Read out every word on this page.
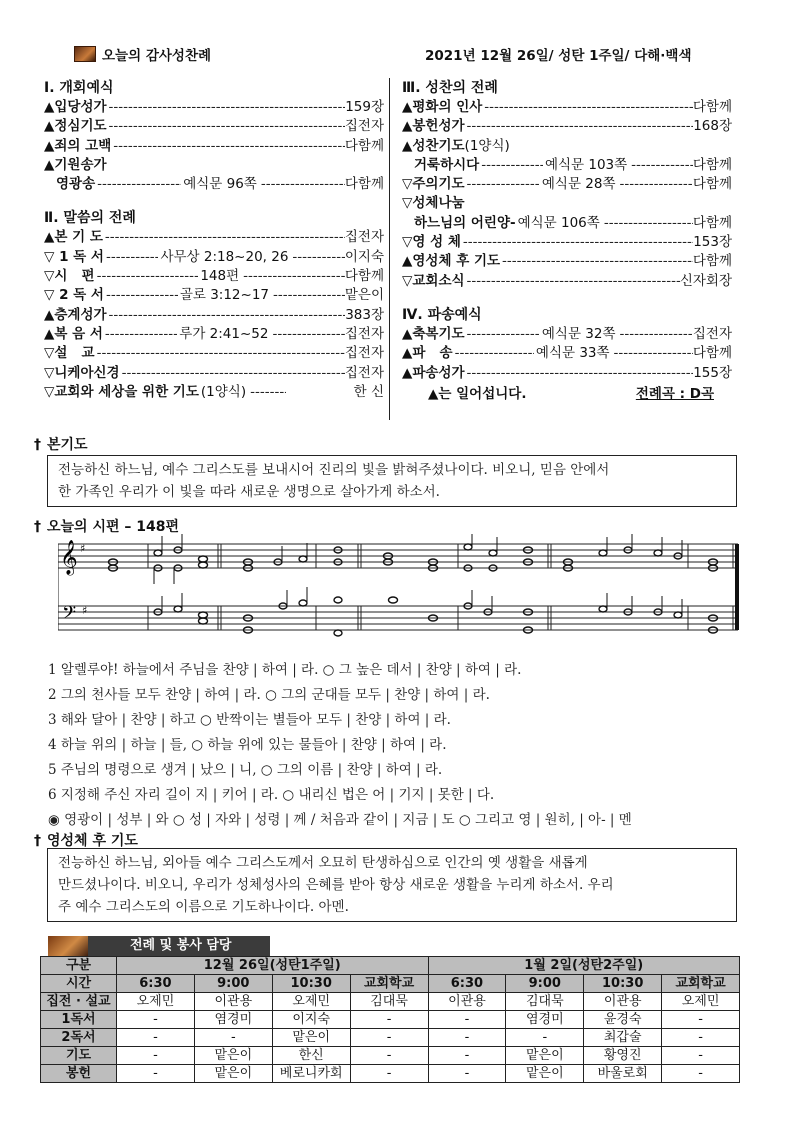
오늘의 감사성찬례	2021년 12월 26일/ 성탄 1주일/ 다해·백색
Ⅰ. 개회예식
▲입당성가 -----	159장
▲정심기도 -----	집전자
▲죄의 고백 -----	다함께
▲기원송가
영광송 -----	예식문 96쪽 -----	다함께
Ⅱ. 말씀의 전례
▲본 기 도 -----	집전자
▽ 1 독 서 -----	사무상 2:18~20, 26 -----	이지숙
▽시   편 -----	148편 -----	다함께
▽ 2 독 서 -----	골로 3:12~17 -----	맡은이
▲층계성가 -----	383장
▲복 음 서 -----	루가 2:41~52 -----	집전자
▽설   교 -----	집전자
▽니케아신경 -----	집전자
▽교회와 세상을 위한 기도 (1양식) -----	한 신
Ⅲ. 성찬의 전례
▲평화의 인사 -----	다함께
▲봉헌성가 -----	168장
▲성찬기도 (1양식)
거룩하시다 -----	예식문 103쪽 -----	다함께
▽주의기도 -----	예식문 28쪽 -----	다함께
▽성체나눔
하느님의 어린양- 예식문 106쪽 -----	다함께
▽영 성 체 -----	153장
▲영성체 후 기도 -----	다함께
▽교회소식 -----	신자회장
Ⅳ. 파송예식
▲축복기도 -----	예식문 32쪽 -----	집전자
▲파   송 -----	예식문 33쪽 -----	다함께
▲파송성가 -----	155장
▲는 일어섭니다.	전례곡 : D곡
† 본기도
전능하신 하느님, 예수 그리스도를 보내시어 진리의 빛을 밝혀주셨나이다. 비오니, 믿음 안에서
한 가족인 우리가 이 빛을 따라 새로운 생명으로 살아가게 하소서.
† 오늘의 시편 – 148편
𝄞 ♯
𝄢 ♯
1 알렐루야! 하늘에서 주님을 찬양 | 하여 | 라. ○ 그 높은 데서 | 찬양 | 하여 | 라.
2 그의 천사들 모두 찬양 | 하여 | 라. ○ 그의 군대들 모두 | 찬양 | 하여 | 라.
3 해와 달아 | 찬양 | 하고 ○ 반짝이는 별들아 모두 | 찬양 | 하여 | 라.
4 하늘 위의 | 하늘 | 들, ○ 하늘 위에 있는 물들아 | 찬양 | 하여 | 라.
5 주님의 명령으로 생겨 | 났으 | 니, ○ 그의 이름 | 찬양 | 하여 | 라.
6 지정해 주신 자리 길이 지 | 키어 | 라. ○ 내리신 법은 어 | 기지 | 못한 | 다.
◉ 영광이 | 성부 | 와 ○ 성 | 자와 | 성령 | 께 / 처음과 같이 | 지금 | 도 ○ 그리고 영 | 원히, | 아- | 멘
† 영성체 후 기도
전능하신 하느님, 외아들 예수 그리스도께서 오묘히 탄생하심으로 인간의 옛 생활을 새롭게
만드셨나이다. 비오니, 우리가 성체성사의 은혜를 받아 항상 새로운 생활을 누리게 하소서. 우리
주 예수 그리스도의 이름으로 기도하나이다. 아멘.
전례 및 봉사 담당
구분	12월 26일(성탄1주일)				1월 2일(성탄2주일)			
시간	6:30	9:00	10:30	교회학교	6:30	9:00	10:30	교회학교
집전 · 설교	오제민	이관용	오제민	김대묵	이관용	김대묵	이관용	오제민
1독서	-	염경미	이지숙	-	-	염경미	윤경숙	-
2독서	-	-	맡은이	-	-	-	최갑술	-
기도	-	맡은이	한신	-	-	맡은이	황영진	-
봉헌	-	맡은이	베로니카회	-	-	맡은이	바울로회	-
